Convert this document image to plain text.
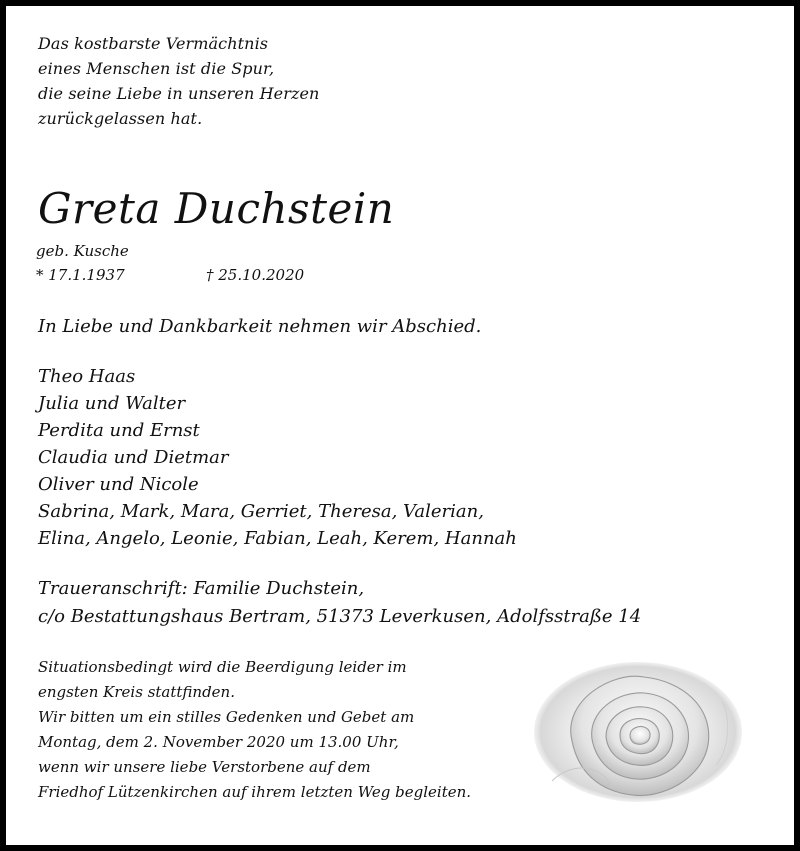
Das kostbarste Vermächtnis
eines Menschen ist die Spur,
die seine Liebe in unseren Herzen
zurückgelassen hat.
Greta Duchstein
geb. Kusche
* 17.1.1937	† 25.10.2020
In Liebe und Dankbarkeit nehmen wir Abschied.
Theo Haas
Julia und Walter
Perdita und Ernst
Claudia und Dietmar
Oliver und Nicole
Sabrina, Mark, Mara, Gerriet, Theresa, Valerian,
Elina, Angelo, Leonie, Fabian, Leah, Kerem, Hannah
Traueranschrift: Familie Duchstein,
c/o Bestattungshaus Bertram, 51373 Leverkusen, Adolfsstraße 14
Situationsbedingt wird die Beerdigung leider im
engsten Kreis stattfinden.
Wir bitten um ein stilles Gedenken und Gebet am
Montag, dem 2. November 2020 um 13.00 Uhr,
wenn wir unsere liebe Verstorbene auf dem
Friedhof Lützenkirchen auf ihrem letzten Weg begleiten.
